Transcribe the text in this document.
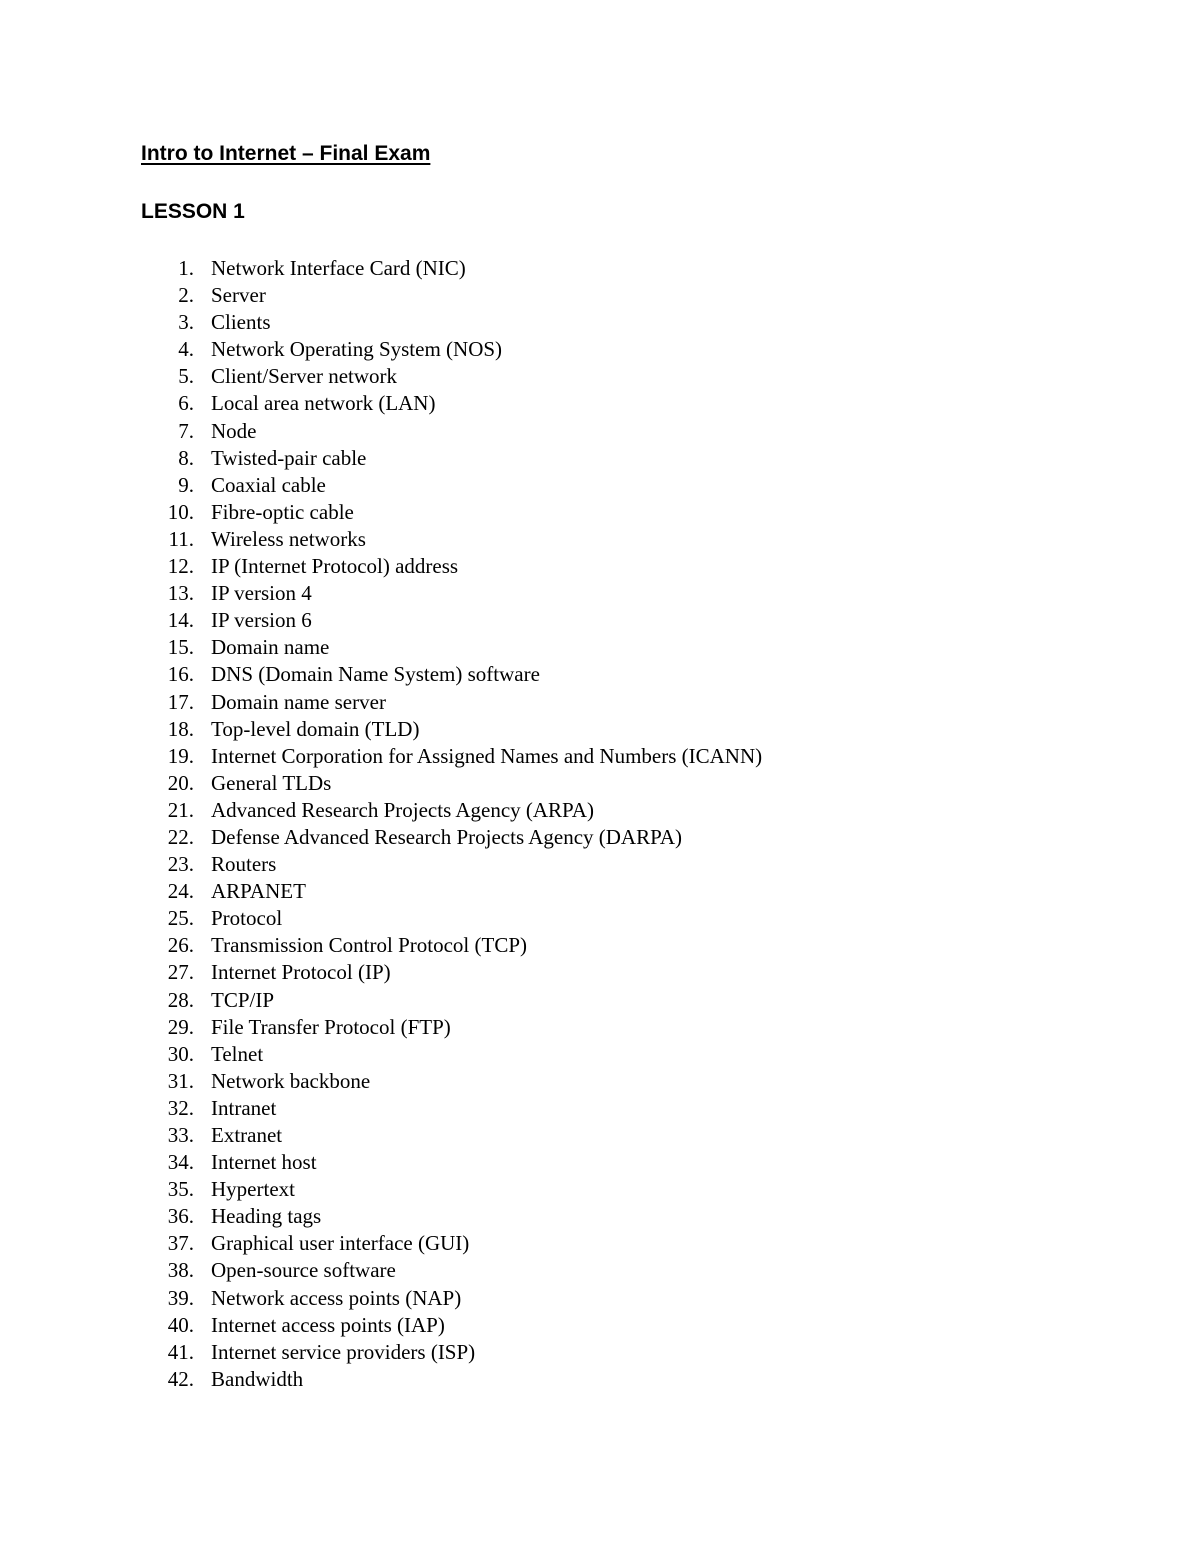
Intro to Internet – Final Exam
LESSON 1
1. Network Interface Card (NIC)
2. Server
3. Clients
4. Network Operating System (NOS)
5. Client/Server network
6. Local area network (LAN)
7. Node
8. Twisted-pair cable
9. Coaxial cable
10. Fibre-optic cable
11. Wireless networks
12. IP (Internet Protocol) address
13. IP version 4
14. IP version 6
15. Domain name
16. DNS (Domain Name System) software
17. Domain name server
18. Top-level domain (TLD)
19. Internet Corporation for Assigned Names and Numbers (ICANN)
20. General TLDs
21. Advanced Research Projects Agency (ARPA)
22. Defense Advanced Research Projects Agency (DARPA)
23. Routers
24. ARPANET
25. Protocol
26. Transmission Control Protocol (TCP)
27. Internet Protocol (IP)
28. TCP/IP
29. File Transfer Protocol (FTP)
30. Telnet
31. Network backbone
32. Intranet
33. Extranet
34. Internet host
35. Hypertext
36. Heading tags
37. Graphical user interface (GUI)
38. Open-source software
39. Network access points (NAP)
40. Internet access points (IAP)
41. Internet service providers (ISP)
42. Bandwidth
